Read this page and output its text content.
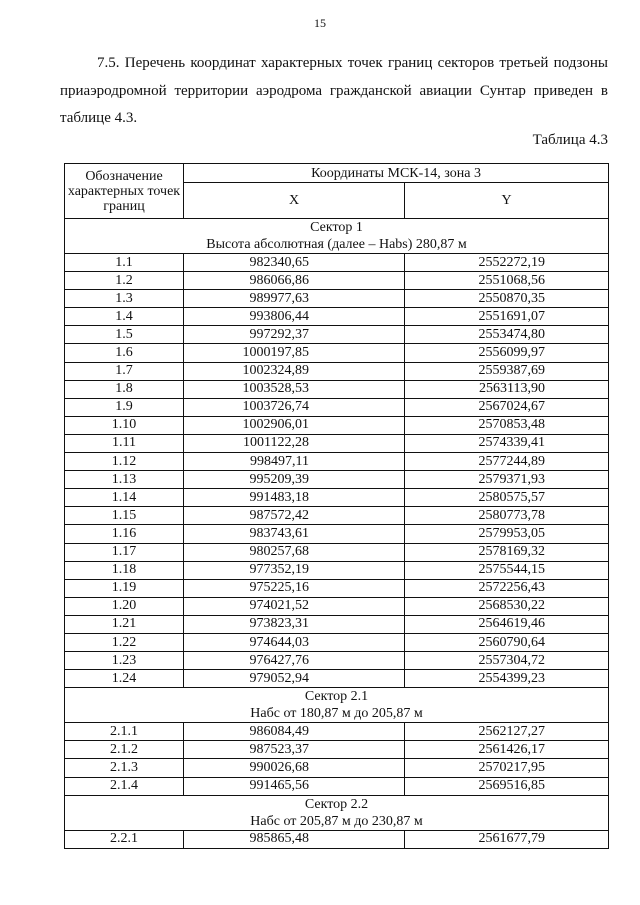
15

7.5. Перечень координат характерных точек границ секторов третьей подзоны приаэродромной территории аэродрома гражданской авиации Сунтар приведен в таблице 4.3.

Таблица 4.3
Обозначение характерных точек границ	Координаты МСК-14, зона 3	
	X	Y

Сектор 1
Высота абсолютная (далее – Нabs) 280,87 м		

1.1	982340,65	2552272,19
1.2	986066,86	2551068,56
1.3	989977,63	2550870,35
1.4	993806,44	2551691,07
1.5	997292,37	2553474,80
1.6	1000197,85	2556099,97
1.7	1002324,89	2559387,69
1.8	1003528,53	2563113,90
1.9	1003726,74	2567024,67
1.10	1002906,01	2570853,48
1.11	1001122,28	2574339,41
1.12	998497,11	2577244,89
1.13	995209,39	2579371,93
1.14	991483,18	2580575,57
1.15	987572,42	2580773,78
1.16	983743,61	2579953,05
1.17	980257,68	2578169,32
1.18	977352,19	2575544,15
1.19	975225,16	2572256,43
1.20	974021,52	2568530,22
1.21	973823,31	2564619,46
1.22	974644,03	2560790,64
1.23	976427,76	2557304,72
1.24	979052,94	2554399,23

Сектор 2.1
Набс от 180,87 м до 205,87 м		

2.1.1	986084,49	2562127,27
2.1.2	987523,37	2561426,17
2.1.3	990026,68	2570217,95
2.1.4	991465,56	2569516,85

Сектор 2.2
Набс от 205,87 м до 230,87 м		

2.2.1	985865,48	2561677,79
